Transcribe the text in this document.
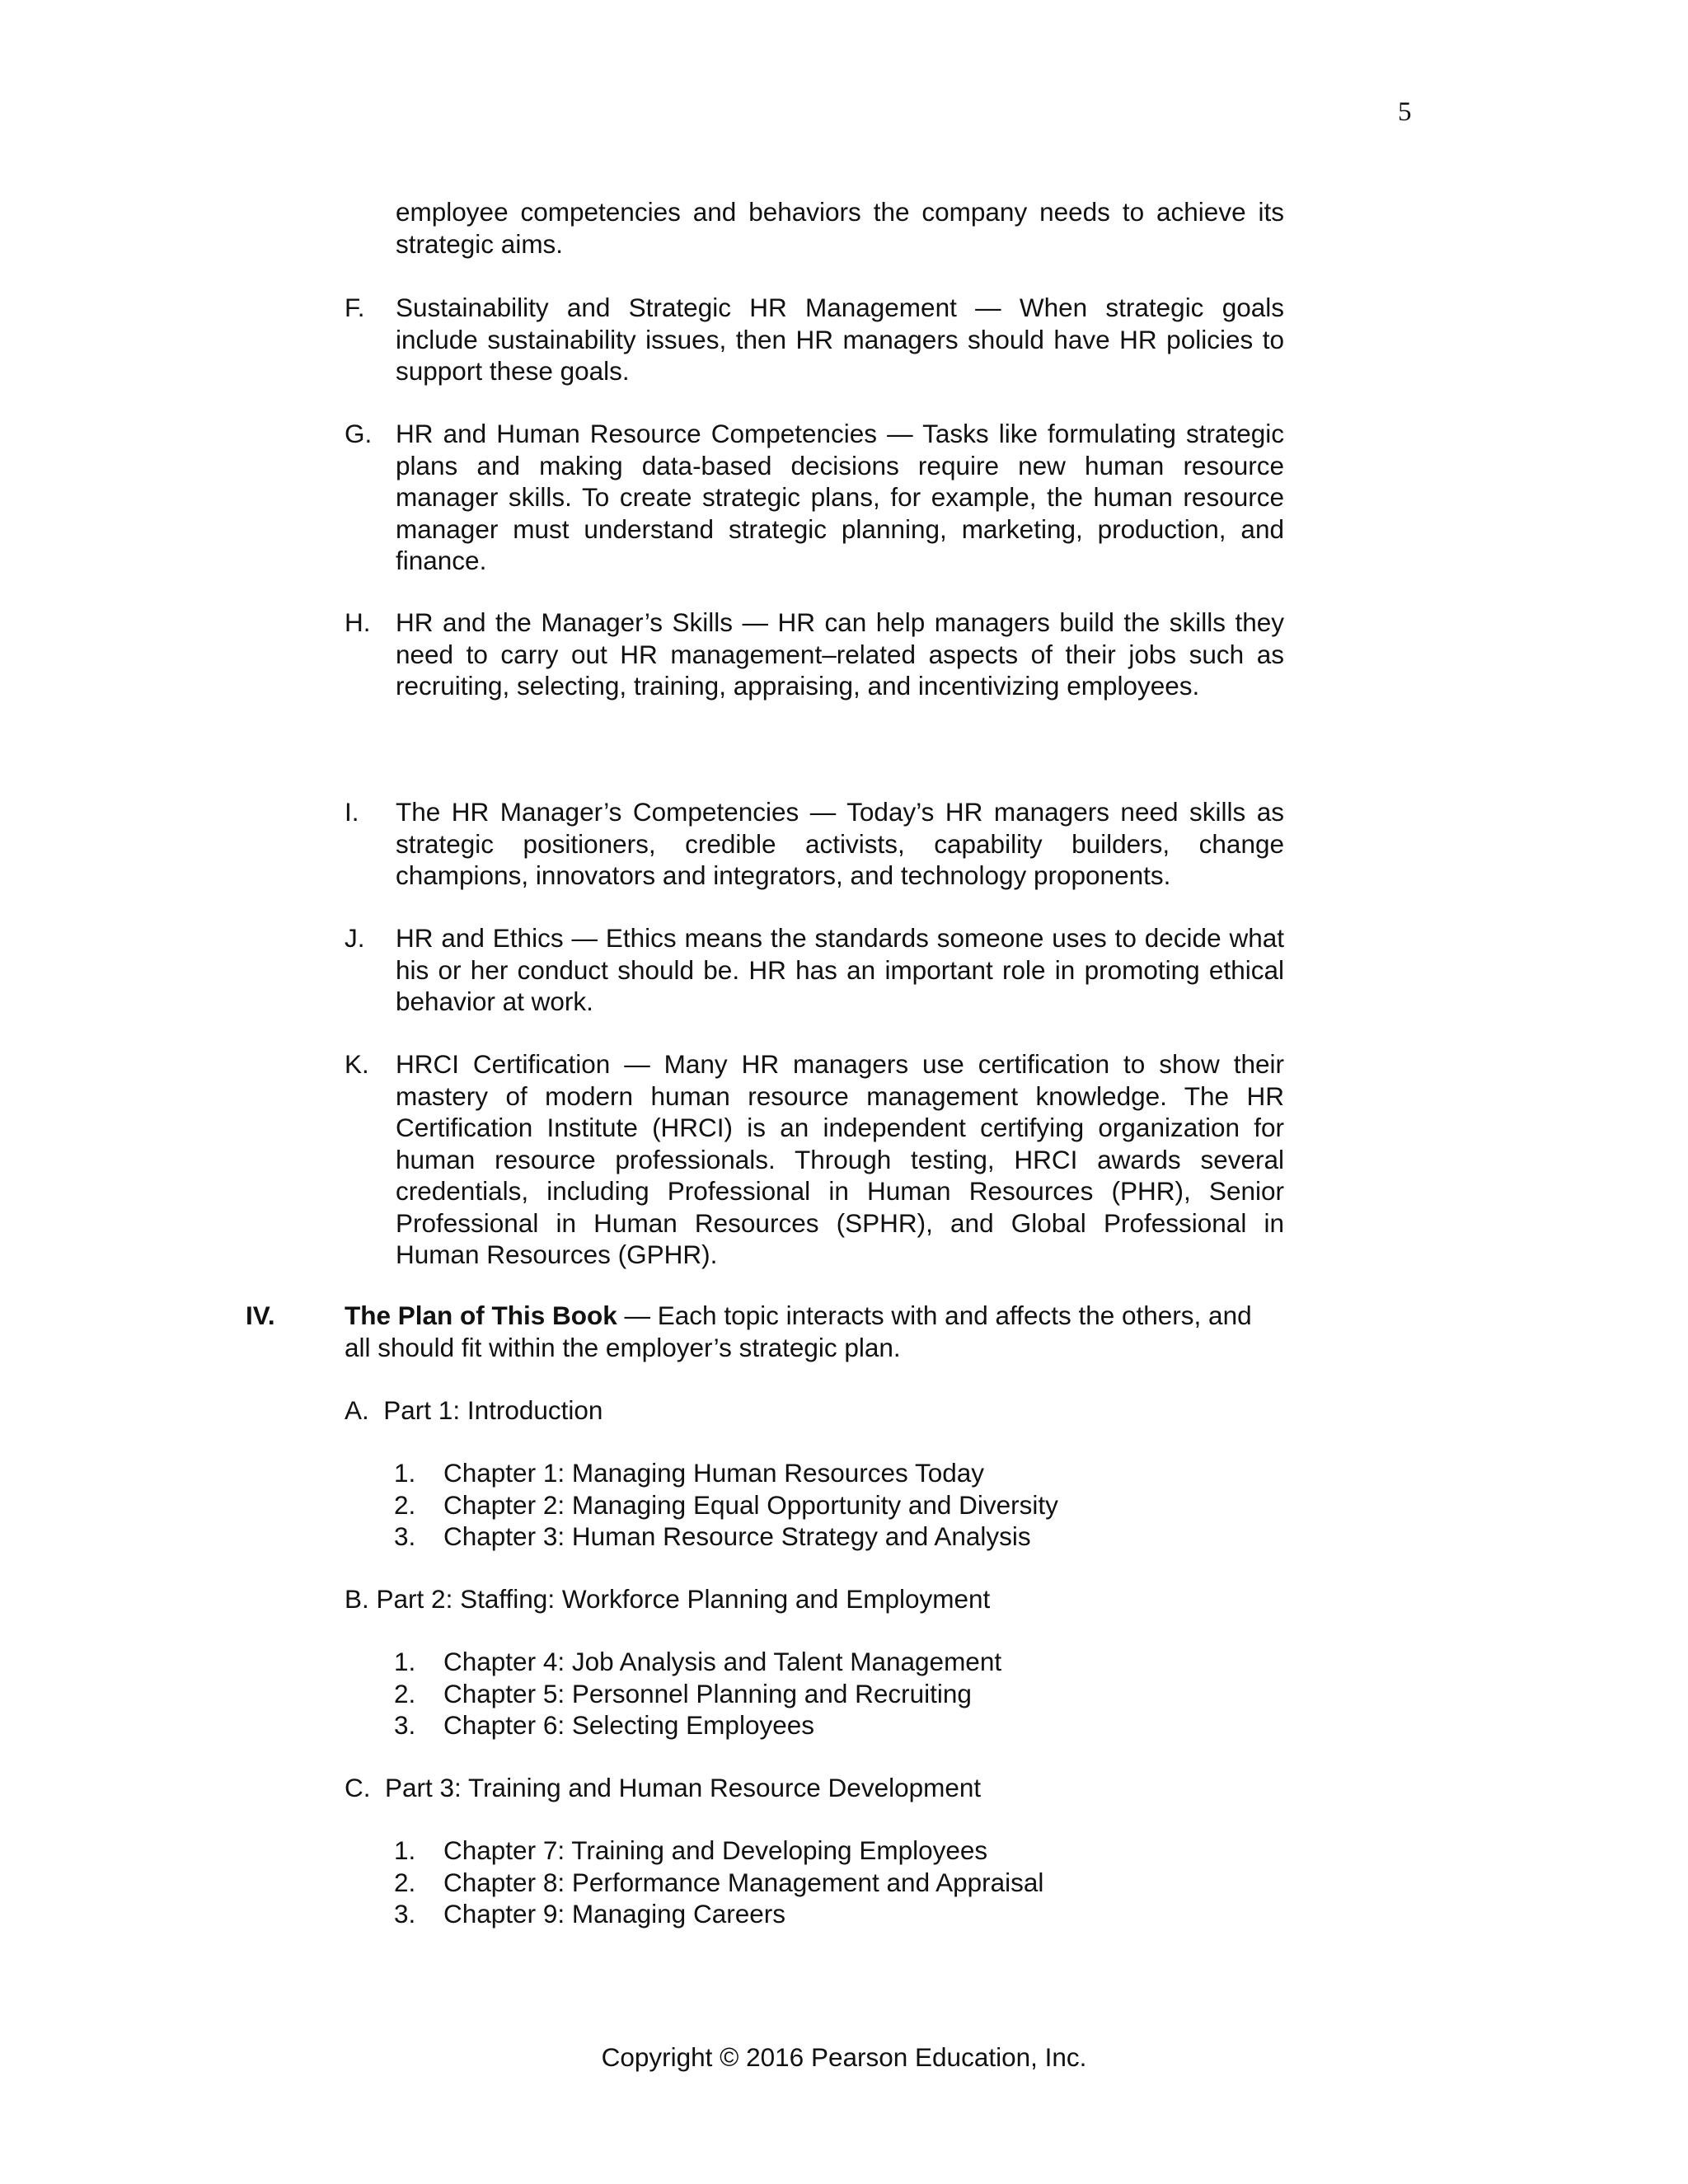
5
employee competencies and behaviors the company needs to achieve its strategic aims.
F. Sustainability and Strategic HR Management — When strategic goals include sustainability issues, then HR managers should have HR policies to support these goals.
G. HR and Human Resource Competencies — Tasks like formulating strategic plans and making data-based decisions require new human resource manager skills. To create strategic plans, for example, the human resource manager must understand strategic planning, marketing, production, and finance.
H. HR and the Manager’s Skills — HR can help managers build the skills they need to carry out HR management–related aspects of their jobs such as recruiting, selecting, training, appraising, and incentivizing employees.
I. The HR Manager’s Competencies — Today’s HR managers need skills as strategic positioners, credible activists, capability builders, change champions, innovators and integrators, and technology proponents.
J. HR and Ethics — Ethics means the standards someone uses to decide what his or her conduct should be. HR has an important role in promoting ethical behavior at work.
K. HRCI Certification — Many HR managers use certification to show their mastery of modern human resource management knowledge. The HR Certification Institute (HRCI) is an independent certifying organization for human resource professionals. Through testing, HRCI awards several credentials, including Professional in Human Resources (PHR), Senior Professional in Human Resources (SPHR), and Global Professional in Human Resources (GPHR).
IV.	The Plan of This Book — Each topic interacts with and affects the others, and all should fit within the employer’s strategic plan.
A. Part 1: Introduction
1. Chapter 1: Managing Human Resources Today
2. Chapter 2: Managing Equal Opportunity and Diversity
3. Chapter 3: Human Resource Strategy and Analysis
B. Part 2: Staffing: Workforce Planning and Employment
1. Chapter 4: Job Analysis and Talent Management
2. Chapter 5: Personnel Planning and Recruiting
3. Chapter 6: Selecting Employees
C. Part 3: Training and Human Resource Development
1. Chapter 7: Training and Developing Employees
2. Chapter 8: Performance Management and Appraisal
3. Chapter 9: Managing Careers
Copyright © 2016 Pearson Education, Inc.
